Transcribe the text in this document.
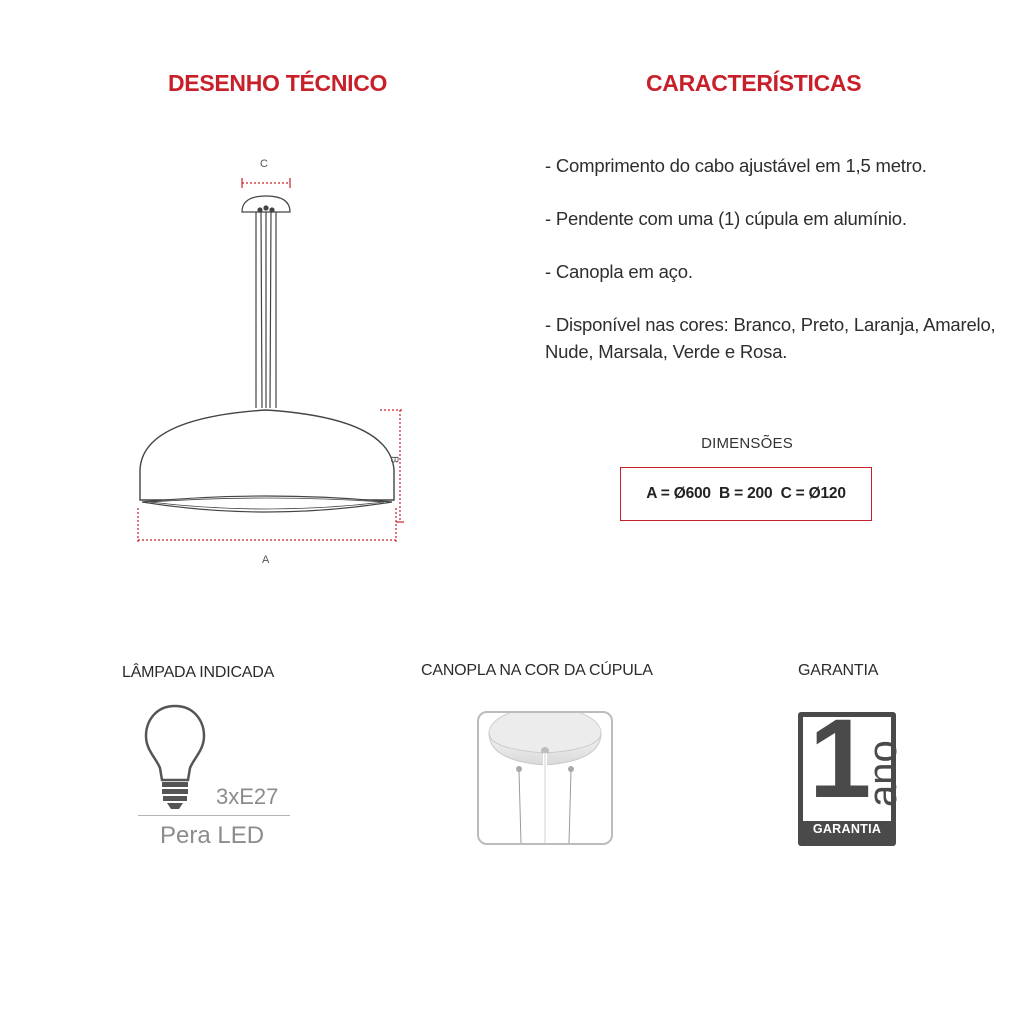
DESENHO TÉCNICO	CARACTERÍSTICAS
C
B
A
- Comprimento do cabo ajustável em 1,5 metro.
- Pendente com uma (1) cúpula em alumínio.
- Canopla em aço.
- Disponível nas cores: Branco, Preto, Laranja, Amarelo, Nude, Marsala, Verde e Rosa.
DIMENSÕES
A = Ø600  B = 200  C = Ø120
LÂMPADA INDICADA	CANOPLA NA COR DA CÚPULA	GARANTIA
3xE27
Pera LED
1
ano
GARANTIA
